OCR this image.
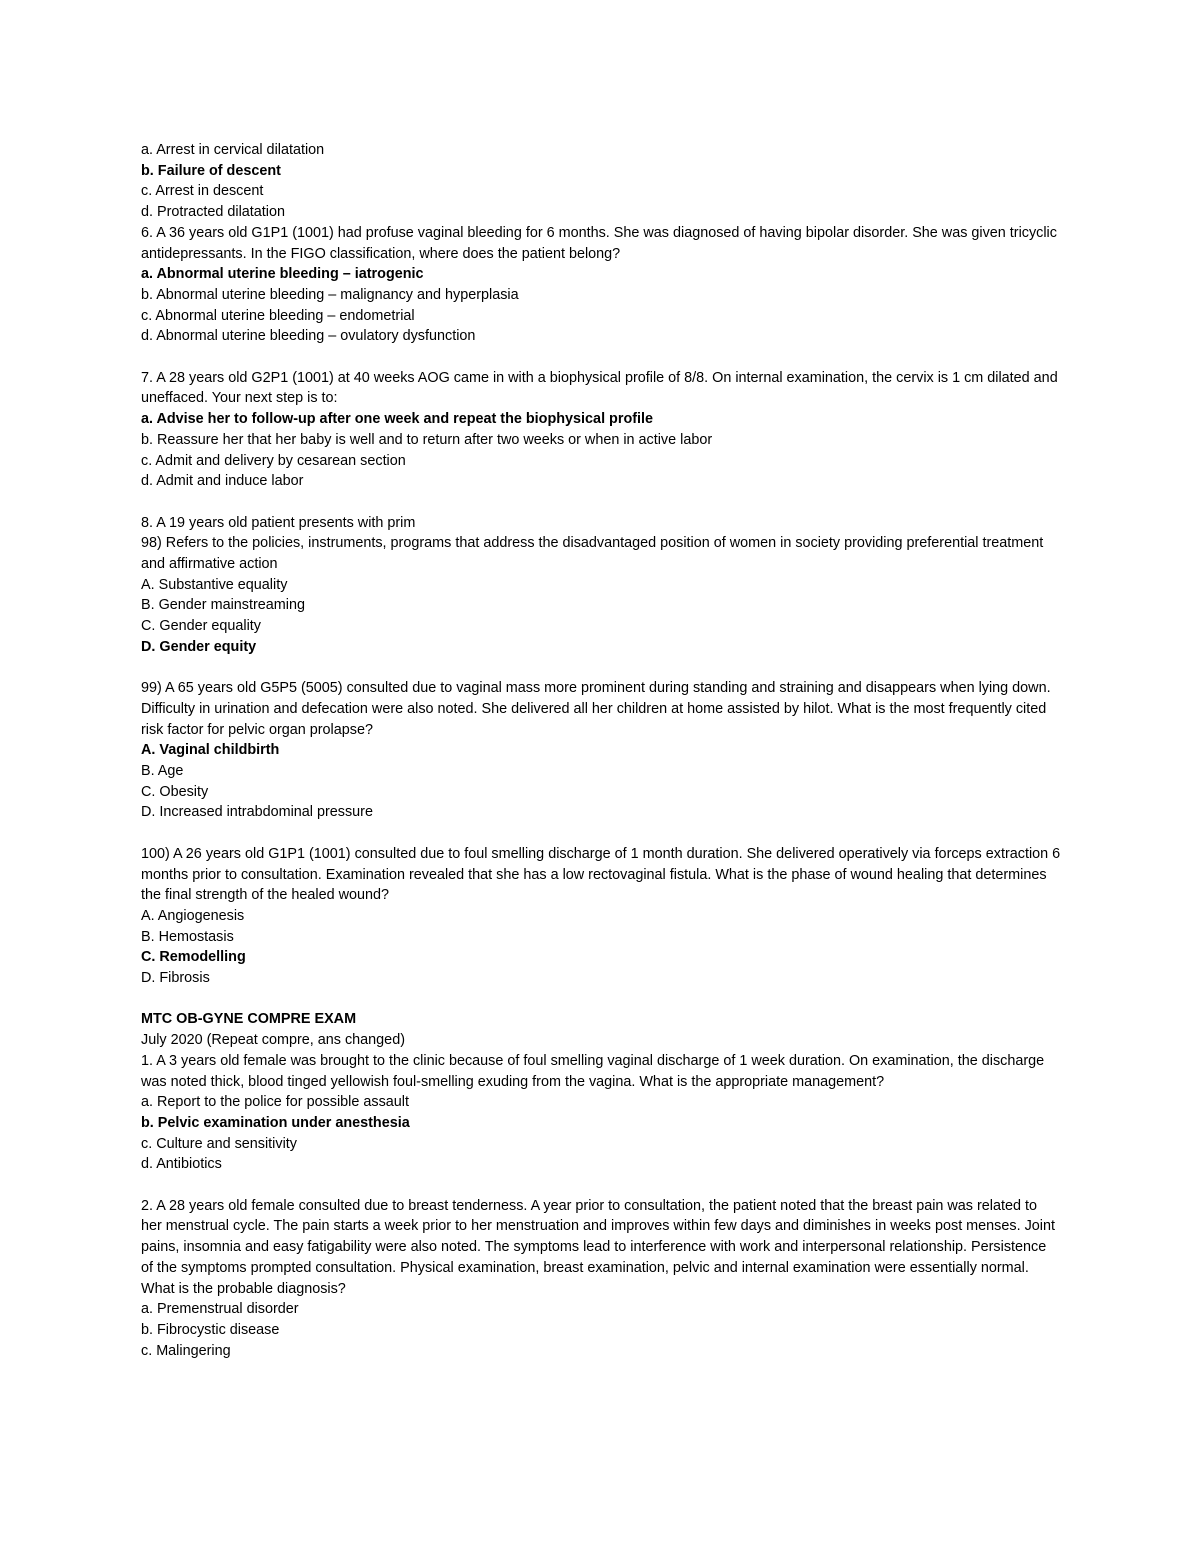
a. Arrest in cervical dilatation

b. Failure of descent

c. Arrest in descent

d. Protracted dilatation

6. A 36 years old G1P1 (1001) had profuse vaginal bleeding for 6 months. She was diagnosed of having bipolar disorder. She was given tricyclic antidepressants. In the FIGO classification, where does the patient belong?

a. Abnormal uterine bleeding – iatrogenic

b. Abnormal uterine bleeding – malignancy and hyperplasia

c. Abnormal uterine bleeding – endometrial

d. Abnormal uterine bleeding – ovulatory dysfunction

7. A 28 years old G2P1 (1001) at 40 weeks AOG came in with a biophysical profile of 8/8. On internal examination, the cervix is 1 cm dilated and uneffaced. Your next step is to:

a. Advise her to follow-up after one week and repeat the biophysical profile

b. Reassure her that her baby is well and to return after two weeks or when in active labor

c. Admit and delivery by cesarean section

d. Admit and induce labor

8. A 19 years old patient presents with prim

98) Refers to the policies, instruments, programs that address the disadvantaged position of women in society providing preferential treatment and affirmative action

A. Substantive equality

B. Gender mainstreaming

C. Gender equality

D. Gender equity

99) A 65 years old G5P5 (5005) consulted due to vaginal mass more prominent during standing and straining and disappears when lying down. Difficulty in urination and defecation were also noted. She delivered all her children at home assisted by hilot. What is the most frequently cited risk factor for pelvic organ prolapse?

A. Vaginal childbirth

B. Age

C. Obesity

D. Increased intrabdominal pressure

100) A 26 years old G1P1 (1001) consulted due to foul smelling discharge of 1 month duration. She delivered operatively via forceps extraction 6 months prior to consultation. Examination revealed that she has a low rectovaginal fistula. What is the phase of wound healing that determines the final strength of the healed wound?

A. Angiogenesis

B. Hemostasis

C. Remodelling

D. Fibrosis

MTC OB-GYNE COMPRE EXAM

July 2020 (Repeat compre, ans changed)

1. A 3 years old female was brought to the clinic because of foul smelling vaginal discharge of 1 week duration. On examination, the discharge was noted thick, blood tinged yellowish foul-smelling exuding from the vagina. What is the appropriate management?

a. Report to the police for possible assault

b. Pelvic examination under anesthesia

c. Culture and sensitivity

d. Antibiotics

2. A 28 years old female consulted due to breast tenderness. A year prior to consultation, the patient noted that the breast pain was related to her menstrual cycle. The pain starts a week prior to her menstruation and improves within few days and diminishes in weeks post menses. Joint pains, insomnia and easy fatigability were also noted. The symptoms lead to interference with work and interpersonal relationship. Persistence of the symptoms prompted consultation. Physical examination, breast examination, pelvic and internal examination were essentially normal. What is the probable diagnosis?

a. Premenstrual disorder

b. Fibrocystic disease

c. Malingering
